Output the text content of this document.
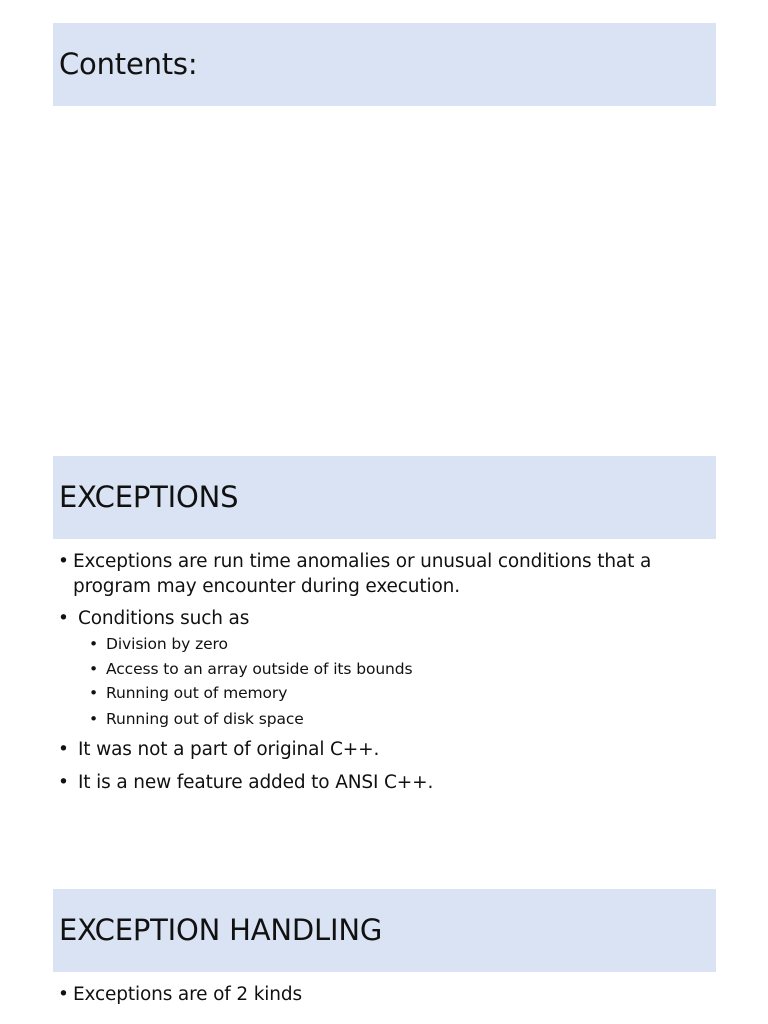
Contents:
EXCEPTIONS
• Exceptions are run time anomalies or unusual conditions that a
program may encounter during execution.
• Conditions such as
• Division by zero
• Access to an array outside of its bounds
• Running out of memory
• Running out of disk space
• It was not a part of original C++.
• It is a new feature added to ANSI C++.
EXCEPTION HANDLING
• Exceptions are of 2 kinds
